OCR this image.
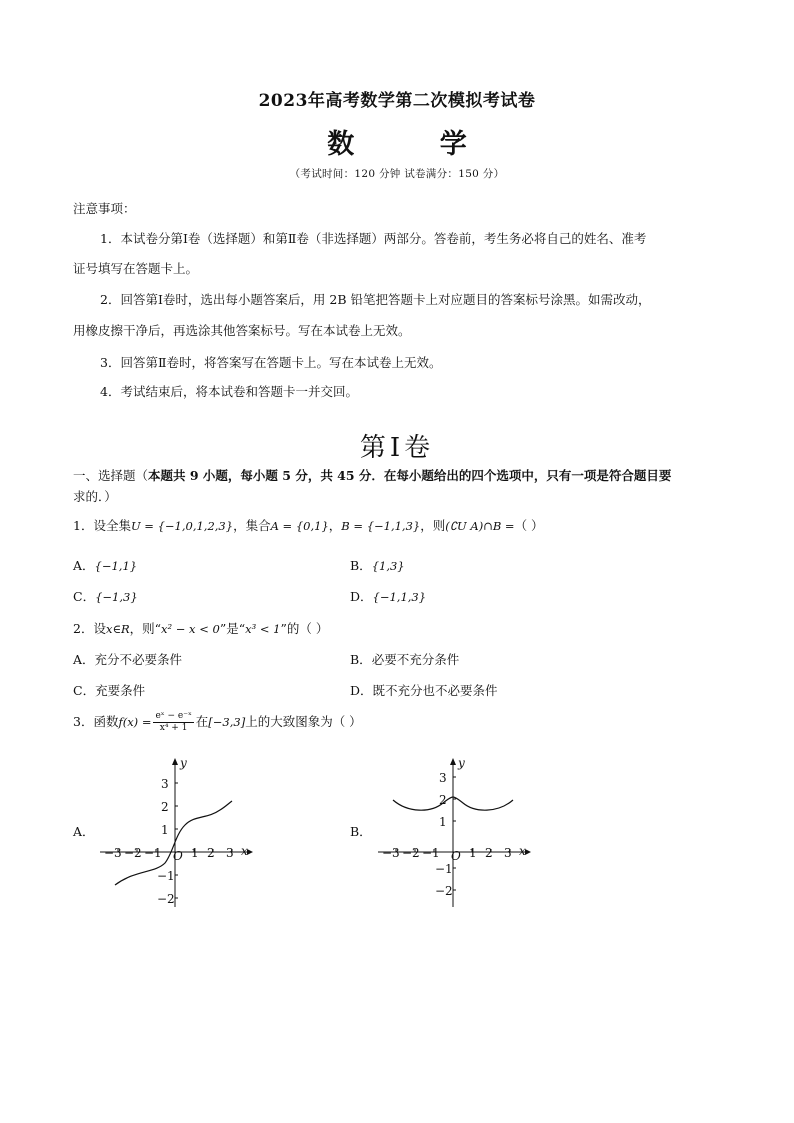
2023年高考数学第二次模拟考试卷
数 学
（考试时间：120 分钟 试卷满分：150 分）
注意事项：
1．本试卷分第Ⅰ卷（选择题）和第Ⅱ卷（非选择题）两部分。答卷前，考生务必将自己的姓名、准考
证号填写在答题卡上。
2．回答第Ⅰ卷时，选出每小题答案后，用 2B 铅笔把答题卡上对应题目的答案标号涂黑。如需改动，
用橡皮擦干净后，再选涂其他答案标号。写在本试卷上无效。
3．回答第Ⅱ卷时，将答案写在答题卡上。写在本试卷上无效。
4．考试结束后，将本试卷和答题卡一并交回。
第Ⅰ卷
一、选择题（本题共 9 小题，每小题 5 分，共 45 分．在每小题给出的四个选项中，只有一项是符合题目要
求的．）
1．设全集U = {−1,0,1,2,3}，集合A = {0,1}，B = {−1,1,3}，则(∁U A)∩B =（ ）
A．{−1,1}	B．{1,3}
C．{−1,3}	D．{−1,1,3}
2．设x∈R，则“x² − x < 0”是“x³ < 1”的（ ）
A．充分不必要条件	B．必要不充分条件
C．充要条件	D．既不充分也不必要条件
3．函数$f(x) = \frac{\text{eˣ − e⁻ˣ}}{\text{x⁴ + 1}}$ 在[−3,3]上的大致图象为（ ）
A．	B．
y
x
O
−3 −2 −1 1 2 3
3
2
1
−1
−2
y
x
O
−3 −2 −1 1 2 3
3
2
1
−1
−2
